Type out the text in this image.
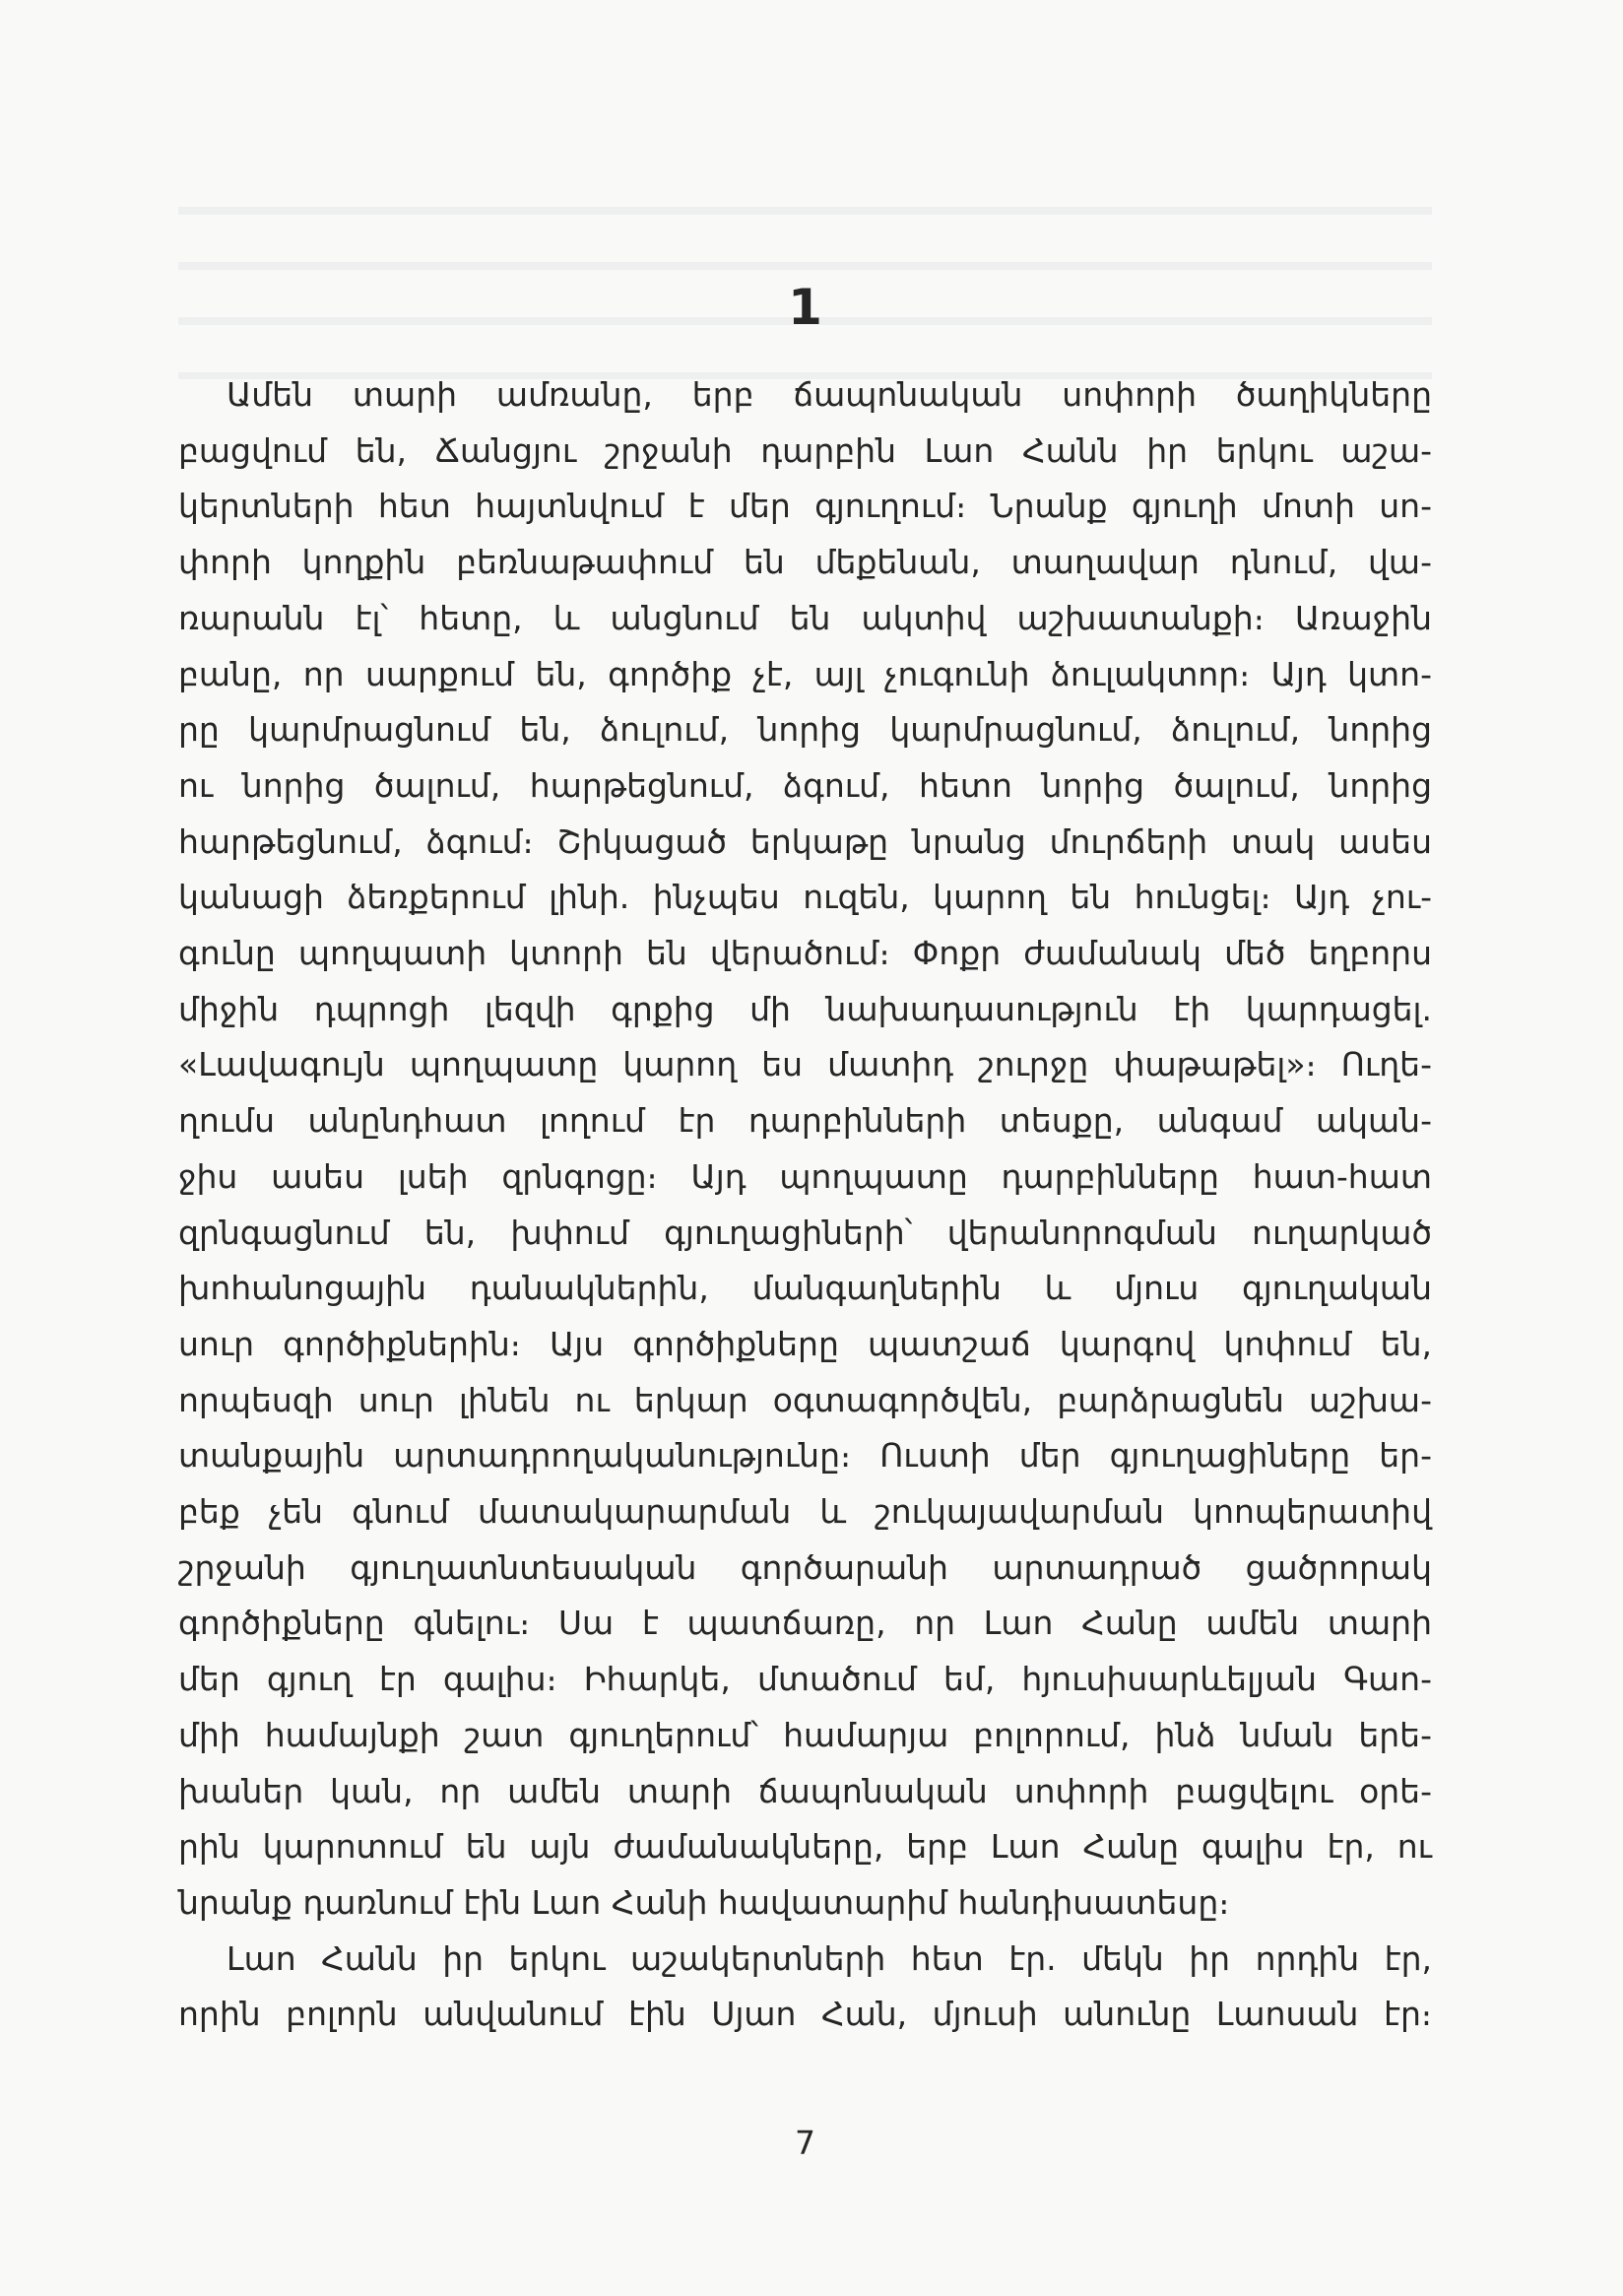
1
Ամեն տարի ամռանը, երբ ճապոնական սոփորի ծաղիկները
բացվում են, Ճանցյու շրջանի դարբին Լաո Հանն իր երկու աշա-
կերտների հետ հայտնվում է մեր գյուղում։ Նրանք գյուղի մոտի սո-
փորի կողքին բեռնաթափում են մեքենան, տաղավար դնում, վա-
ռարանն էլ՝ հետը, և անցնում են ակտիվ աշխատանքի։ Առաջին
բանը, որ սարքում են, գործիք չէ, այլ չուգունի ձուլակտոր։ Այդ կտո-
րը կարմրացնում են, ձուլում, նորից կարմրացնում, ձուլում, նորից
ու նորից ծալում, հարթեցնում, ձգում, հետո նորից ծալում, նորից
հարթեցնում, ձգում։ Շիկացած երկաթը նրանց մուրճերի տակ ասես
կանացի ձեռքերում լինի. ինչպես ուզեն, կարող են հունցել։ Այդ չու-
գունը պողպատի կտորի են վերածում։ Փոքր ժամանակ մեծ եղբորս
միջին դպրոցի լեզվի գրքից մի նախադասություն էի կարդացել.
«Լավագույն պողպատը կարող ես մատիդ շուրջը փաթաթել»։ Ուղե-
ղումս անընդհատ լողում էր դարբինների տեսքը, անգամ ական-
ջիս ասես լսեի զրնգոցը։ Այդ պողպատը դարբինները հատ-հատ
զրնգացնում են, խփում գյուղացիների՝ վերանորոգման ուղարկած
խոհանոցային դանակներին, մանգաղներին և մյուս գյուղական
սուր գործիքներին։ Այս գործիքները պատշաճ կարգով կոփում են,
որպեսզի սուր լինեն ու երկար օգտագործվեն, բարձրացնեն աշխա-
տանքային արտադրողականությունը։ Ուստի մեր գյուղացիները եր-
բեք չեն գնում մատակարարման և շուկայավարման կոոպերատիվ
շրջանի գյուղատնտեսական գործարանի արտադրած ցածրորակ
գործիքները գնելու։ Սա է պատճառը, որ Լաո Հանը ամեն տարի
մեր գյուղ էր գալիս։ Իհարկե, մտածում եմ, հյուսիսարևելյան Գաո-
միի համայնքի շատ գյուղերում՝ համարյա բոլորում, ինձ նման երե-
խաներ կան, որ ամեն տարի ճապոնական սոփորի բացվելու օրե-
րին կարոտում են այն ժամանակները, երբ Լաո Հանը գալիս էր, ու
նրանք դառնում էին Լաո Հանի հավատարիմ հանդիսատեսը։
Լաո Հանն իր երկու աշակերտների հետ էր. մեկն իր որդին էր,
որին բոլորն անվանում էին Սյաո Հան, մյուսի անունը Լաոսան էր։
7
